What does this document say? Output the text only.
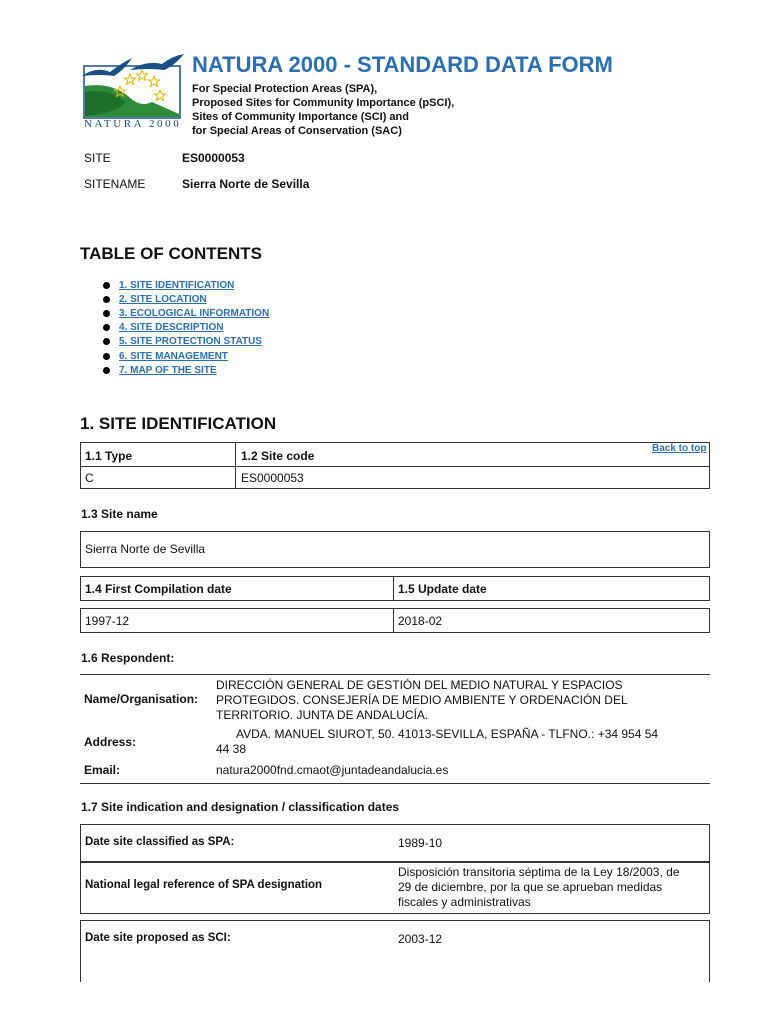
NATURA 2000
NATURA 2000 - STANDARD DATA FORM
For Special Protection Areas (SPA),
Proposed Sites for Community Importance (pSCI),
Sites of Community Importance (SCI) and
for Special Areas of Conservation (SAC)
SITE	ES0000053
SITENAME	Sierra Norte de Sevilla
TABLE OF CONTENTS
1. SITE IDENTIFICATION
2. SITE LOCATION
3. ECOLOGICAL INFORMATION
4. SITE DESCRIPTION
5. SITE PROTECTION STATUS
6. SITE MANAGEMENT
7. MAP OF THE SITE
1. SITE IDENTIFICATION
1.1 Type	1.2 Site code
C	ES0000053
Back to top
1.3 Site name
Sierra Norte de Sevilla
1.4 First Compilation date	1.5 Update date
1997-12	2018-02
1.6 Respondent:
Name/Organisation:
DIRECCIÓN GENERAL DE GESTIÓN DEL MEDIO NATURAL Y ESPACIOS
PROTEGIDOS. CONSEJERÍA DE MEDIO AMBIENTE Y ORDENACIÓN DEL
TERRITORIO. JUNTA DE ANDALUCÍA.
Address:
AVDA. MANUEL SIUROT, 50. 41013-SEVILLA, ESPAÑA - TLFNO.: +34 954 54
44 38
Email:	natura2000fnd.cmaot@juntadeandalucia.es
1.7 Site indication and designation / classification dates
Date site classified as SPA:	1989-10
National legal reference of SPA designation
Disposición transitoria séptima de la Ley 18/2003, de
29 de diciembre, por la que se aprueban medidas
fiscales y administrativas
Date site proposed as SCI:	2003-12
